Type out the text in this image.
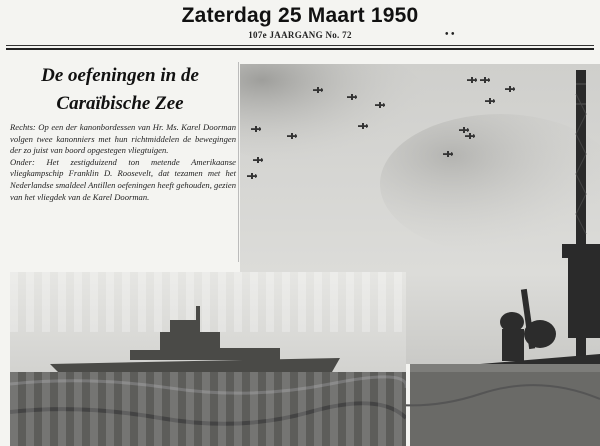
Zaterdag 25 Maart 1950
107e JAARGANG No. 72	• •
De oefeningen in de
Caraïbische Zee

Rechts: Op een der kanonbordessen van Hr. Ms. Karel Doorman volgen twee kanonniers met hun richtmiddelen de bewegingen der zo juist van boord opgestegen vliegtuigen.

Onder: Het zestigduizend ton metende Amerikaanse vliegkampschip Franklin D. Roosevelt, dat tezamen met het Nederlandse smaldeel Antillen oefeningen heeft gehouden, gezien van het vliegdek van de Karel Doorman.
